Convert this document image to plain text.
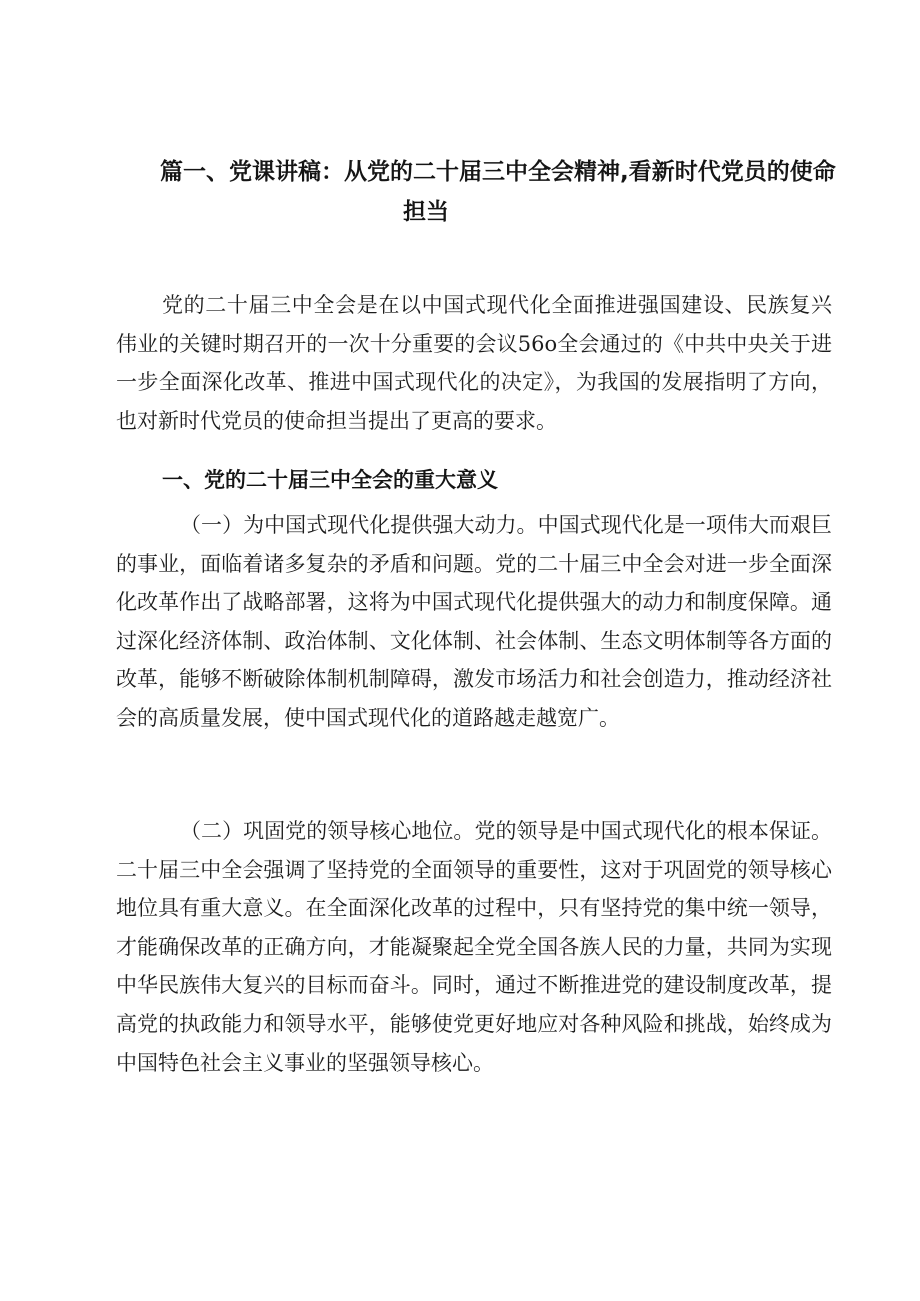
篇一、党课讲稿：从党的二十届三中全会精神,看新时代党员的使命
担当

党的二十届三中全会是在以中国式现代化全面推进强国建设、民族复兴伟业的关键时期召开的一次十分重要的会议56o全会通过的《中共中央关于进一步全面深化改革、推进中国式现代化的决定》，为我国的发展指明了方向，也对新时代党员的使命担当提出了更高的要求。

一、党的二十届三中全会的重大意义

（一）为中国式现代化提供强大动力。中国式现代化是一项伟大而艰巨的事业，面临着诸多复杂的矛盾和问题。党的二十届三中全会对进一步全面深化改革作出了战略部署，这将为中国式现代化提供强大的动力和制度保障。通过深化经济体制、政治体制、文化体制、社会体制、生态文明体制等各方面的改革，能够不断破除体制机制障碍，激发市场活力和社会创造力，推动经济社会的高质量发展，使中国式现代化的道路越走越宽广。

（二）巩固党的领导核心地位。党的领导是中国式现代化的根本保证。二十届三中全会强调了坚持党的全面领导的重要性，这对于巩固党的领导核心地位具有重大意义。在全面深化改革的过程中，只有坚持党的集中统一领导，才能确保改革的正确方向，才能凝聚起全党全国各族人民的力量，共同为实现中华民族伟大复兴的目标而奋斗。同时，通过不断推进党的建设制度改革，提高党的执政能力和领导水平，能够使党更好地应对各种风险和挑战，始终成为中国特色社会主义事业的坚强领导核心。
